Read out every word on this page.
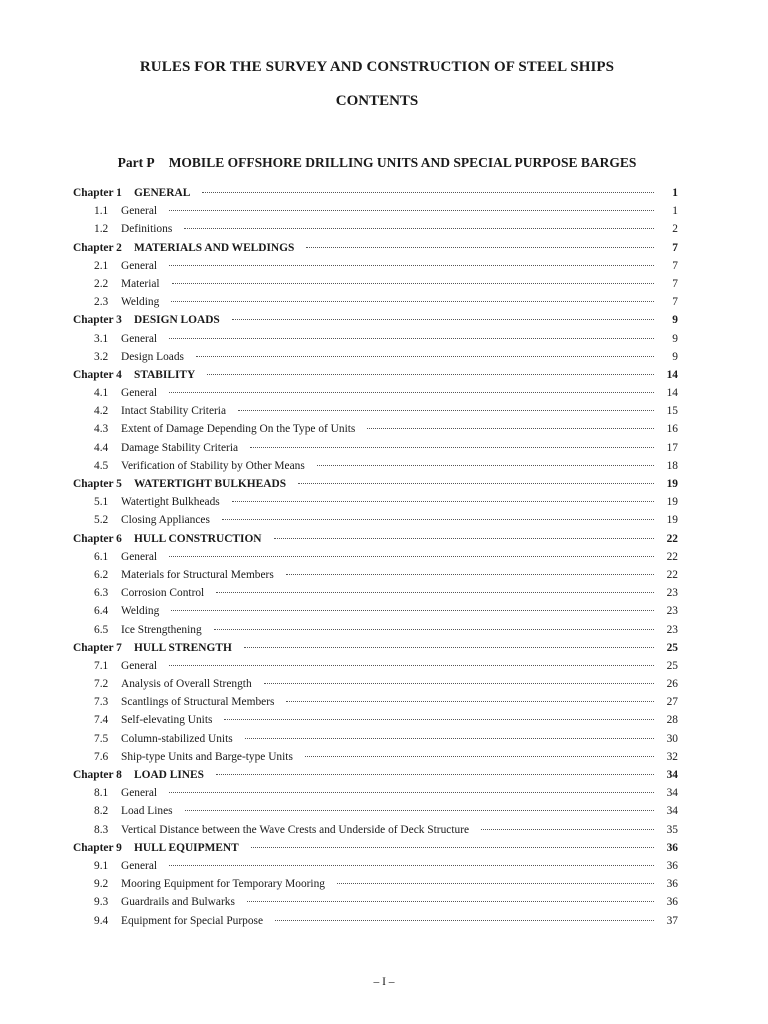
RULES FOR THE SURVEY AND CONSTRUCTION OF STEEL SHIPS
CONTENTS
Part P MOBILE OFFSHORE DRILLING UNITS AND SPECIAL PURPOSE BARGES
Chapter 1	GENERAL	1
1.1	General	1
1.2	Definitions	2
Chapter 2	MATERIALS AND WELDINGS	7
2.1	General	7
2.2	Material	7
2.3	Welding	7
Chapter 3	DESIGN LOADS	9
3.1	General	9
3.2	Design Loads	9
Chapter 4	STABILITY	14
4.1	General	14
4.2	Intact Stability Criteria	15
4.3	Extent of Damage Depending On the Type of Units	16
4.4	Damage Stability Criteria	17
4.5	Verification of Stability by Other Means	18
Chapter 5	WATERTIGHT BULKHEADS	19
5.1	Watertight Bulkheads	19
5.2	Closing Appliances	19
Chapter 6	HULL CONSTRUCTION	22
6.1	General	22
6.2	Materials for Structural Members	22
6.3	Corrosion Control	23
6.4	Welding	23
6.5	Ice Strengthening	23
Chapter 7	HULL STRENGTH	25
7.1	General	25
7.2	Analysis of Overall Strength	26
7.3	Scantlings of Structural Members	27
7.4	Self-elevating Units	28
7.5	Column-stabilized Units	30
7.6	Ship-type Units and Barge-type Units	32
Chapter 8	LOAD LINES	34
8.1	General	34
8.2	Load Lines	34
8.3	Vertical Distance between the Wave Crests and Underside of Deck Structure	35
Chapter 9	HULL EQUIPMENT	36
9.1	General	36
9.2	Mooring Equipment for Temporary Mooring	36
9.3	Guardrails and Bulwarks	36
9.4	Equipment for Special Purpose	37
– I –
